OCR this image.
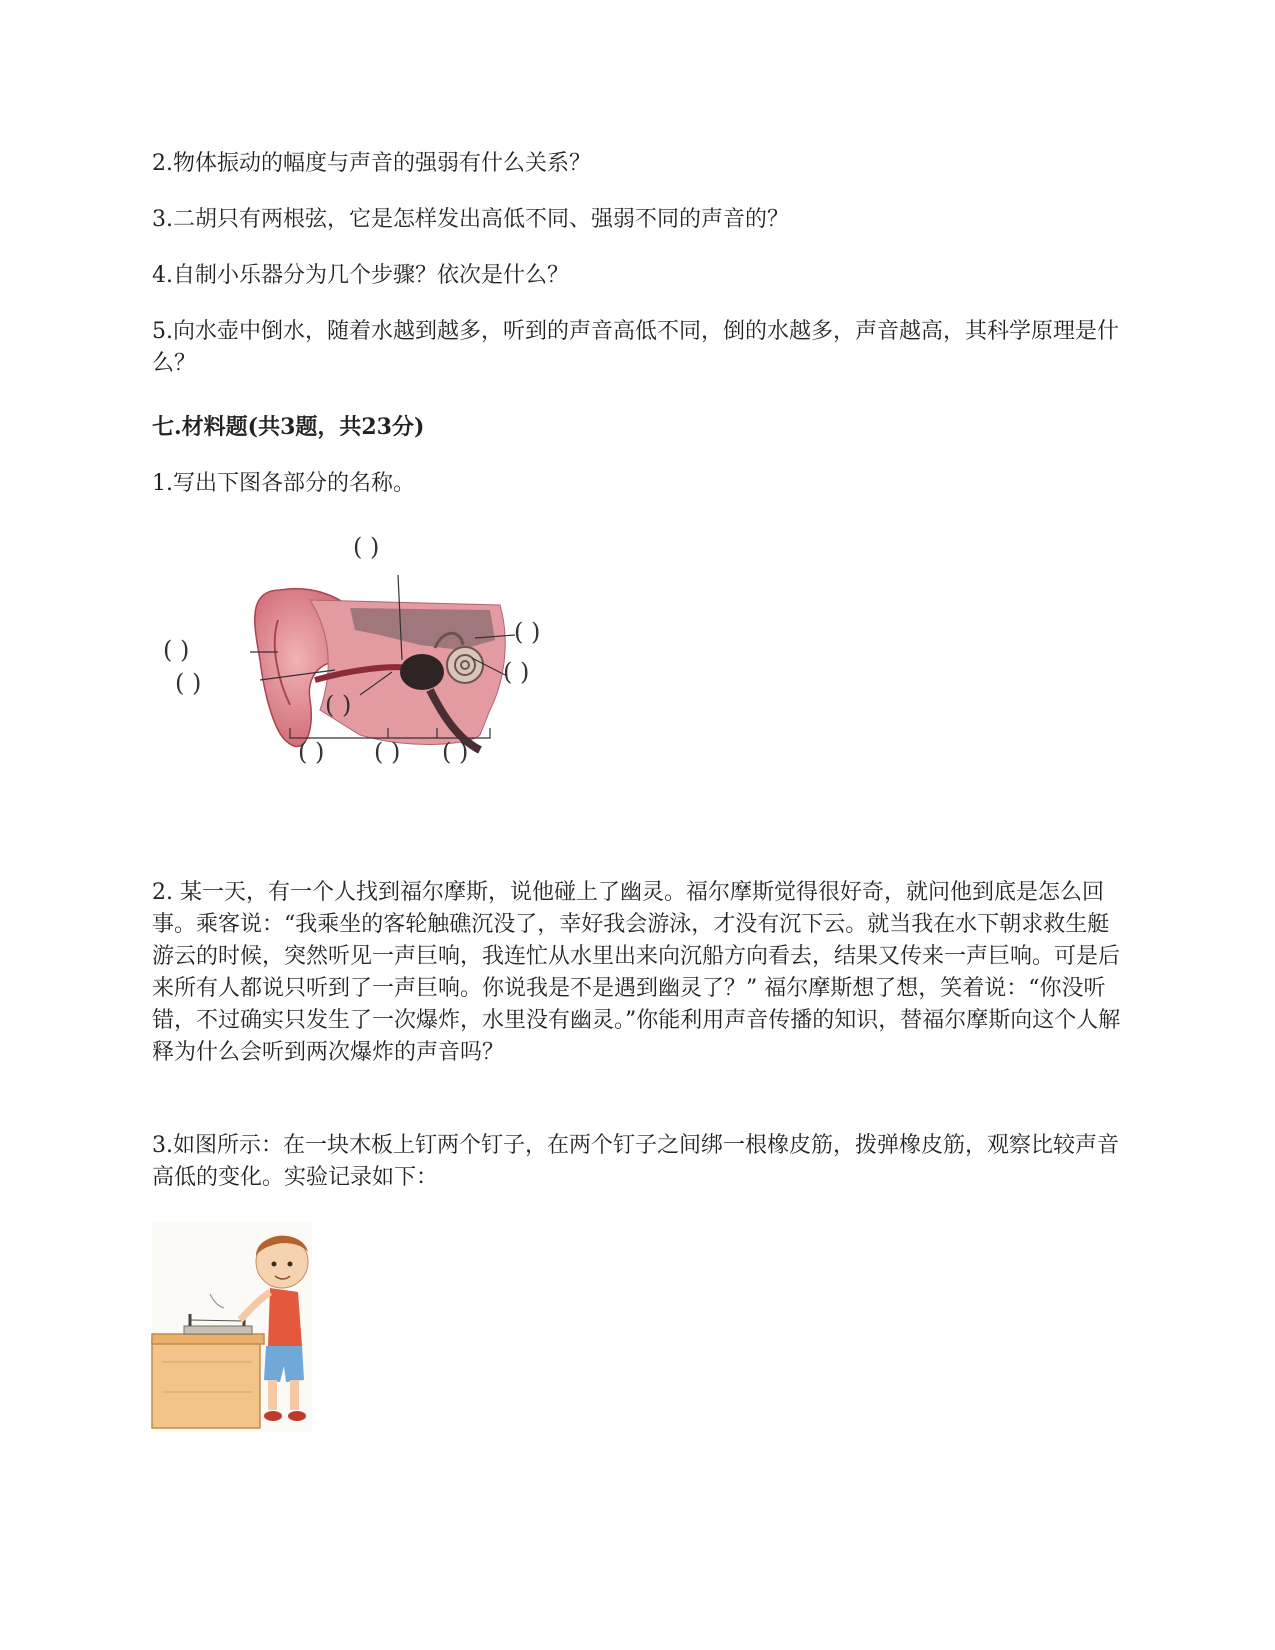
2.物体振动的幅度与声音的强弱有什么关系？

3.二胡只有两根弦，它是怎样发出高低不同、强弱不同的声音的？

4.自制小乐器分为几个步骤？依次是什么？

5.向水壶中倒水，随着水越到越多，听到的声音高低不同，倒的水越多，声音越高，其科学原理是什么？

七.材料题(共3题，共23分)

1.写出下图各部分的名称。

( )
( )
( )
( )
( )
( )
( ) ( ) ( )

2. 某一天，有一个人找到福尔摩斯，说他碰上了幽灵。福尔摩斯觉得很好奇，就问他到底是怎么回事。乘客说：“我乘坐的客轮触礁沉没了，幸好我会游泳，才没有沉下云。就当我在水下朝求救生艇游云的时候，突然听见一声巨响，我连忙从水里出来向沉船方向看去，结果又传来一声巨响。可是后来所有人都说只听到了一声巨响。你说我是不是遇到幽灵了？” 福尔摩斯想了想，笑着说：“你没听错，不过确实只发生了一次爆炸，水里没有幽灵。”你能利用声音传播的知识，替福尔摩斯向这个人解释为什么会听到两次爆炸的声音吗？

3.如图所示：在一块木板上钉两个钉子，在两个钉子之间绑一根橡皮筋，拨弹橡皮筋，观察比较声音高低的变化。实验记录如下：
